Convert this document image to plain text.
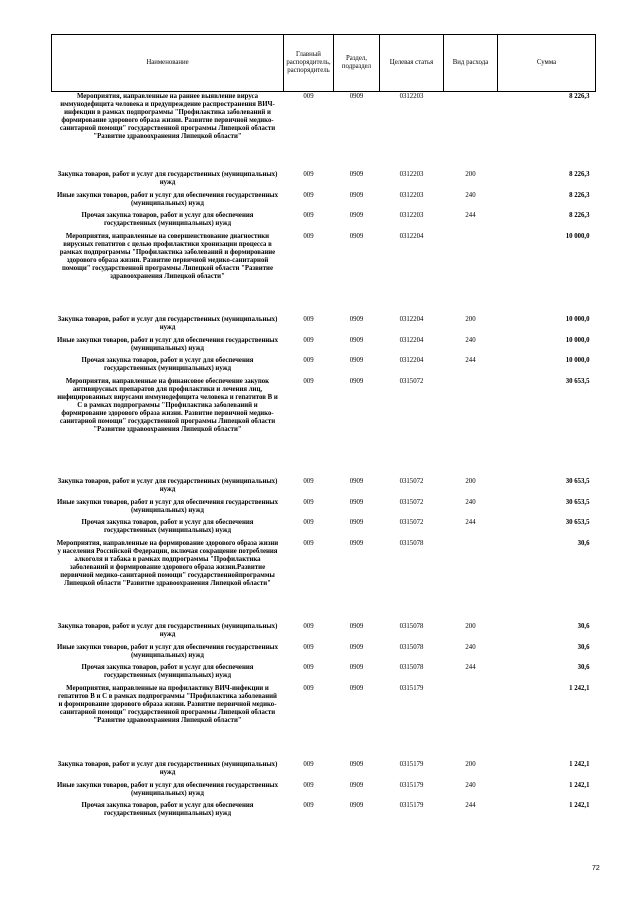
Наименование	Главный распорядитель, распорядитель	Раздел, подраздел	Целевая статья	Вид расхода	Сумма
Мероприятия, направленные на раннее выявление вируса иммунодефицита человека и предупреждение распространения ВИЧ-инфекции в рамках подпрограммы "Профилактика заболеваний и формирование здорового образа жизни. Развитие первичной медико-санитарной помощи" государственной программы Липецкой области "Развитие здравоохранения Липецкой области"	009	0909	0312203		8 226,3
Закупка товаров, работ и услуг для государственных (муниципальных) нужд	009	0909	0312203	200	8 226,3
Иные закупки товаров, работ и услуг для обеспечения государственных (муниципальных) нужд	009	0909	0312203	240	8 226,3
Прочая закупка товаров, работ и услуг для обеспечения государственных (муниципальных) нужд	009	0909	0312203	244	8 226,3
Мероприятия, направленные на совершенствование диагностики вирусных гепатитов с целью профилактики хронизации процесса в рамках подпрограммы "Профилактика заболеваний и формирование здорового образа жизни. Развитие первичной медико-санитарной помощи" государственной программы Липецкой области "Развитие здравоохранения Липецкой области"	009	0909	0312204		10 000,0
Закупка товаров, работ и услуг для государственных (муниципальных) нужд	009	0909	0312204	200	10 000,0
Иные закупки товаров, работ и услуг для обеспечения государственных (муниципальных) нужд	009	0909	0312204	240	10 000,0
Прочая закупка товаров, работ и услуг для обеспечения государственных (муниципальных) нужд	009	0909	0312204	244	10 000,0
Мероприятия, направленные на финансовое обеспечение закупок антивирусных препаратов для профилактики и лечения лиц, инфицированных вирусами иммунодефицита человека и гепатитов В и С в рамках подпрограммы "Профилактика заболеваний и формирование здорового образа жизни. Развитие первичной медико-санитарной помощи" государственной программы Липецкой области "Развитие здравоохранения Липецкой области"	009	0909	0315072		30 653,5
Закупка товаров, работ и услуг для государственных (муниципальных) нужд	009	0909	0315072	200	30 653,5
Иные закупки товаров, работ и услуг для обеспечения государственных (муниципальных) нужд	009	0909	0315072	240	30 653,5
Прочая закупка товаров, работ и услуг для обеспечения государственных (муниципальных) нужд	009	0909	0315072	244	30 653,5
Мероприятия, направленные на формирование здорового образа жизни у населения Российской Федерации, включая сокращение потребления алкоголя и табака в рамках подпрограммы "Профилактика заболеваний и формирование здорового образа жизни.Развитие первичной медико-санитарной помощи" государственнойпрограммы Липецкой области "Развитие здравоохранения Липецкой области"	009	0909	0315078		30,6
Закупка товаров, работ и услуг для государственных (муниципальных) нужд	009	0909	0315078	200	30,6
Иные закупки товаров, работ и услуг для обеспечения государственных (муниципальных) нужд	009	0909	0315078	240	30,6
Прочая закупка товаров, работ и услуг для обеспечения государственных (муниципальных) нужд	009	0909	0315078	244	30,6
Мероприятия, направленные на профилактику ВИЧ-инфекции и гепатитов В и С в рамках подпрограммы "Профилактика заболеваний и формирование здорового образа жизни. Развитие первичной медико-санитарной помощи" государственной программы Липецкой области "Развитие здравоохранения Липецкой области"	009	0909	0315179		1 242,1
Закупка товаров, работ и услуг для государственных (муниципальных) нужд	009	0909	0315179	200	1 242,1
Иные закупки товаров, работ и услуг для обеспечения государственных (муниципальных) нужд	009	0909	0315179	240	1 242,1
Прочая закупка товаров, работ и услуг для обеспечения государственных (муниципальных) нужд	009	0909	0315179	244	1 242,1
72
